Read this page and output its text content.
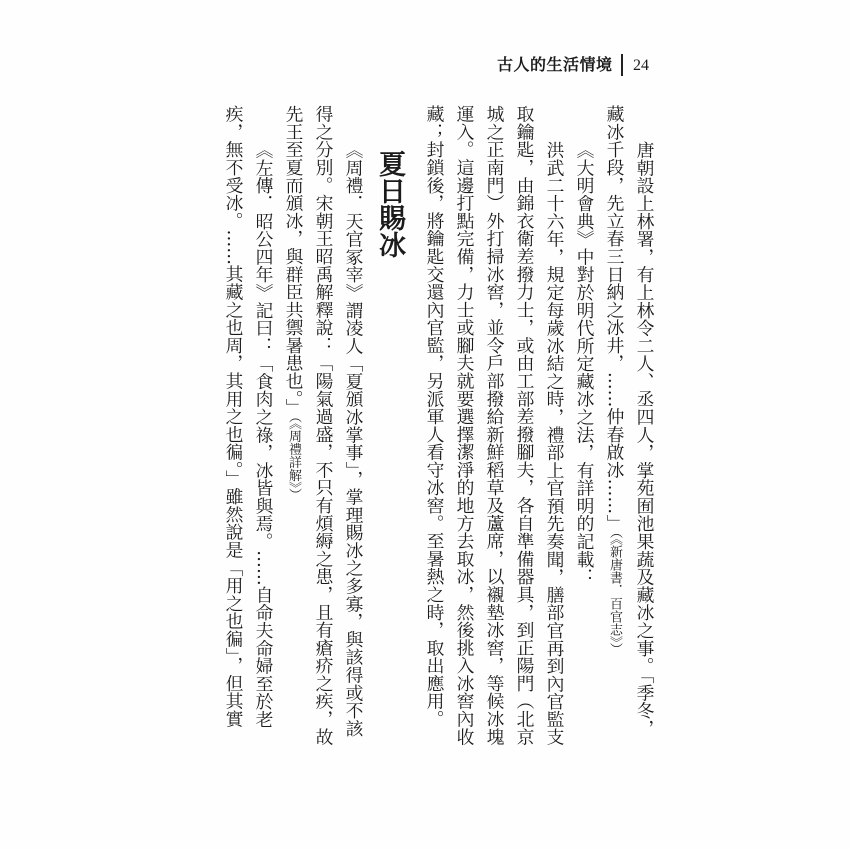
古人的生活情境 24
唐朝設上林署，有上林令二人、丞四人，掌苑囿池果蔬及藏冰之事。「季冬，
藏冰千段，先立春三日納之冰井，……仲春啟冰……」（《新唐書．百官志》）
《大明會典》中對於明代所定藏冰之法，有詳明的記載：
洪武二十六年，規定每歲冰結之時，禮部上官預先奏聞，膳部官再到內官監支
取鑰匙，由錦衣衛差撥力士，或由工部差撥腳夫，各自準備器具，到正陽門（北京
城之正南門）外打掃冰窖，並令戶部撥給新鮮稻草及蘆席，以襯墊冰窖，等候冰塊
運入。這邊打點完備，力士或腳夫就要選擇潔淨的地方去取冰，然後挑入冰窖內收
藏；封鎖後，將鑰匙交還內官監，另派軍人看守冰窖。至暑熱之時，取出應用。
夏日賜冰
《周禮．天官冢宰》謂凌人「夏頒冰掌事」，掌理賜冰之多寡，與該得或不該
得之分別。宋朝王昭禹解釋說：「陽氣過盛，不只有煩縟之患，且有瘡疥之疾，故
先王至夏而頒冰，與群臣共禦暑患也。」（《周禮詳解》）
《左傳．昭公四年》記曰：「食肉之祿，冰皆與焉。……自命夫命婦至於老
疾，無不受冰。……其藏之也周，其用之也徧。」雖然說是「用之也徧」，但其實
